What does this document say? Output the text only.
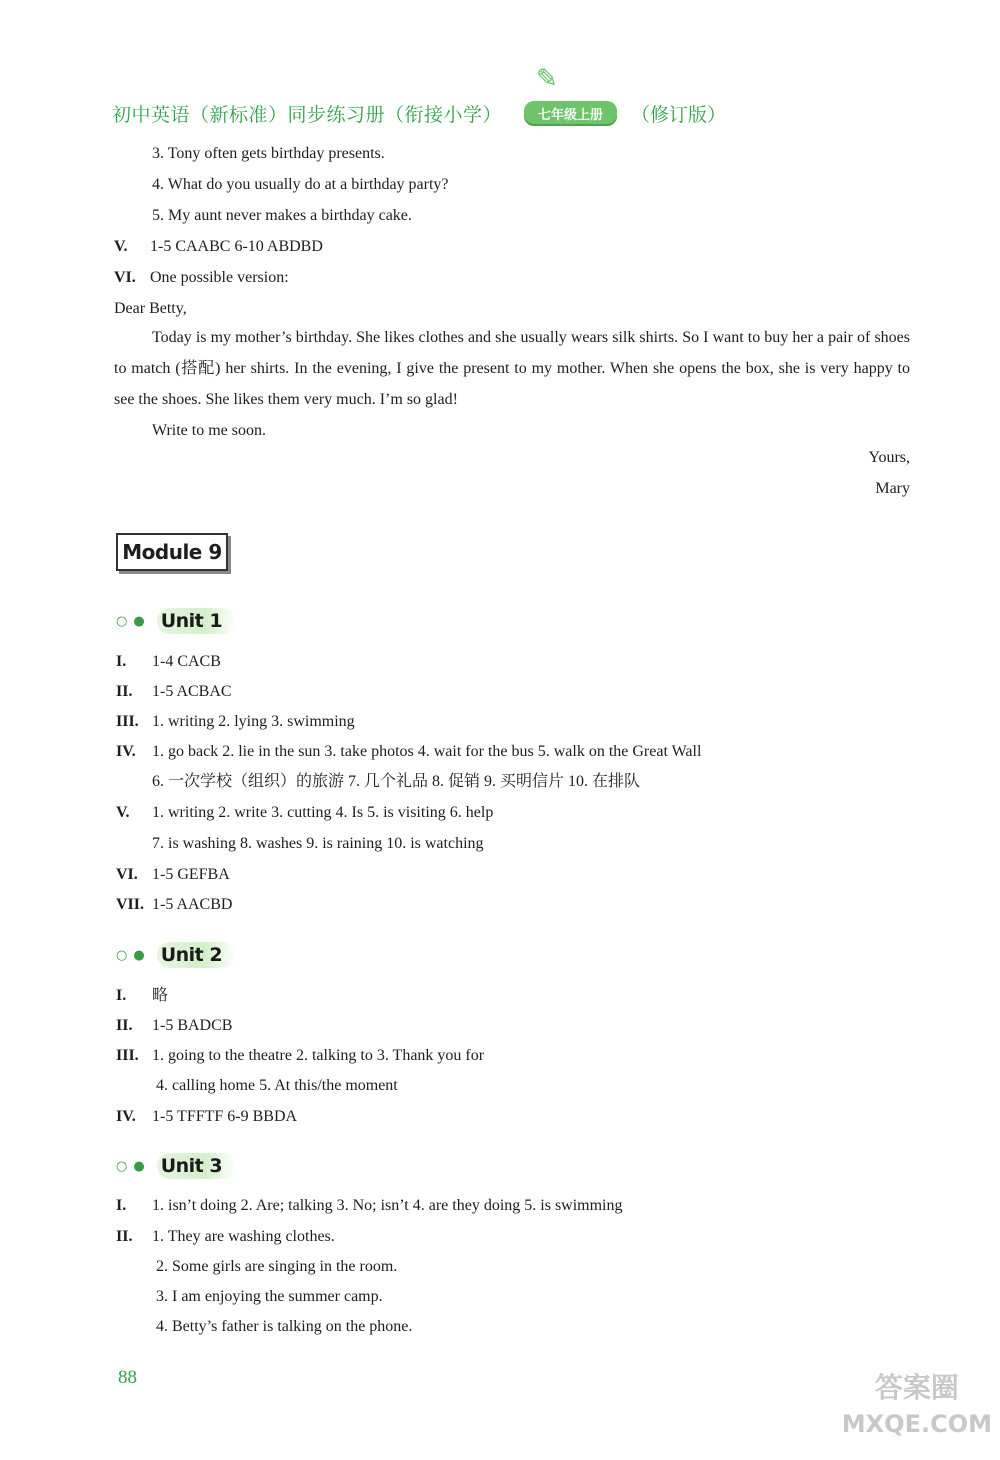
✎
初中英语（新标准）同步练习册（衔接小学）	七年级上册	（修订版）
3. Tony often gets birthday presents.
4. What do you usually do at a birthday party?
5. My aunt never makes a birthday cake.
V. 1-5 CAABC 6-10 ABDBD
VI. One possible version:
Dear Betty,
Today is my mother’s birthday. She likes clothes and she usually wears silk shirts. So I want to buy her a pair of shoes to match (搭配) her shirts. In the evening, I give the present to my mother. When she opens the box, she is very happy to see the shoes. She likes them very much. I’m so glad!
Write to me soon.
Yours,
Mary
Module 9
○● Unit 1
I. 1-4 CACB
II. 1-5 ACBAC
III. 1. writing 2. lying 3. swimming
IV. 1. go back 2. lie in the sun 3. take photos 4. wait for the bus 5. walk on the Great Wall
6. 一次学校（组织）的旅游 7. 几个礼品 8. 促销 9. 买明信片 10. 在排队
V. 1. writing 2. write 3. cutting 4. Is 5. is visiting 6. help
7. is washing 8. washes 9. is raining 10. is watching
VI. 1-5 GEFBA
VII. 1-5 AACBD
○● Unit 2
I. 略
II. 1-5 BADCB
III. 1. going to the theatre 2. talking to 3. Thank you for
4. calling home 5. At this/the moment
IV. 1-5 TFFTF 6-9 BBDA
○● Unit 3
I. 1. isn’t doing 2. Are; talking 3. No; isn’t 4. are they doing 5. is swimming
II. 1. They are washing clothes.
2. Some girls are singing in the room.
3. I am enjoying the summer camp.
4. Betty’s father is talking on the phone.
88	答案圈
MXQE.COM
